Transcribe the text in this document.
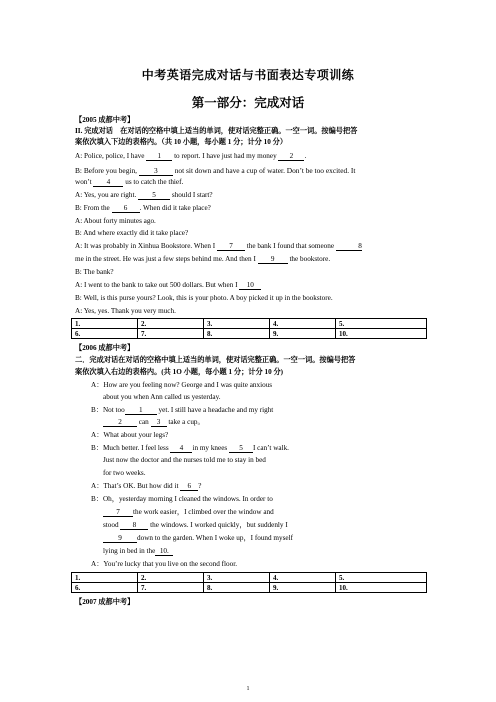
中考英语完成对话与书面表达专项训练
第一部分：完成对话
【2005 成都中考】
II. 完成对话　在对话的空格中填上适当的单词，使对话完整正确。一空一词。按编号把答
案依次填入下边的表格内。（共 10 小题，每小题 1 分；计分 10 分）
A: Police, police, I have 1 to report. I have just had my money 2 .
B: Before you begin, 3 not sit down and have a cup of water. Don’t be too excited. It
won’t 4 us to catch the thief.
A: Yes, you are right. 5 should I start?
B: From the 6 . When did it take place?
A: About forty minutes ago.
B: And where exactly did it take place?
A: It was probably in Xinhua Bookstore. When I 7 the bank I found that someone	8
me in the street. He was just a few steps behind me. And then I 9 the bookstore.
B: The bank?
A: I went to the bank to take out 500 dollars. But when I 10
B: Well, is this purse yours? Look, this is your photo. A boy picked it up in the bookstore.
A: Yes, yes. Thank you very much.
1.	2.	3.	4.	5.
6.	7.	8.	9.	10.
【2006 成都中考】
二．完成对话在对话的空格中填上适当的单词，使对话完整正确。一空一词。按编号把答
案依次填入右边的表格内。(共 1O 小题，每小题 1 分；计分 10 分)
A：How are you feeling now? George and I was quite anxious
about you when Ann called us yesterday.
B：Not too 1 yet. I still have a headache and my right
2 can 3 take a cup。
A：What about your legs?
B：Much better. I feel less 4 in my knees 5 I can’t walk.
Just now the doctor and the nurses told me to stay in bed
for two weeks.
A：That’s OK. But how did it 6 ?
B：Oh，yesterday morning I cleaned the windows. In order to
7 the work easier，I climbed over the window and
stood 8 the windows. I worked quickly，but suddenly I
9 down to the garden. When I woke up，I found myself
lying in bed in the 10.
A：You’re lucky that you live on the second floor.
1.	2.	3.	4.	5.
6.	7.	8.	9.	10.
【2007 成都中考】
1
